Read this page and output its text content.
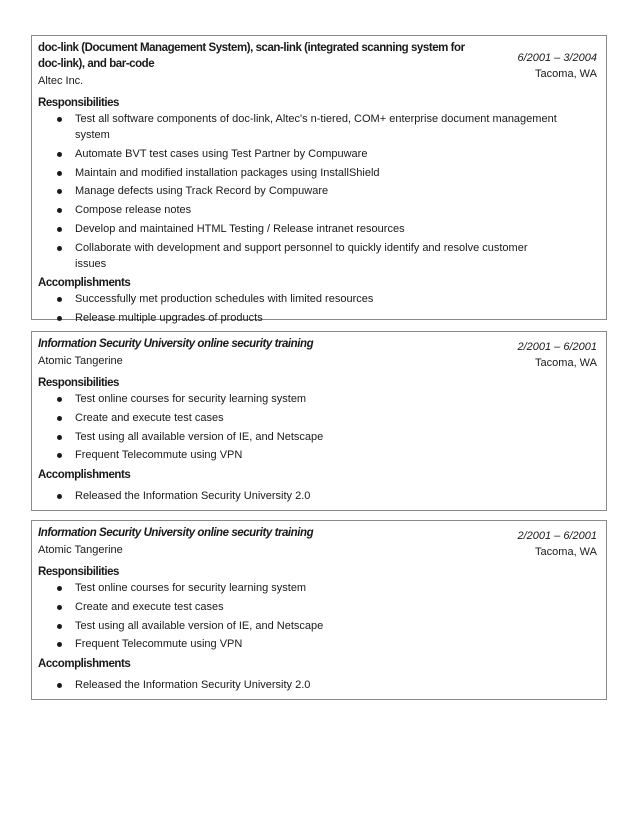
6/2001 – 3/2004
Tacoma, WA
doc-link (Document Management System), scan-link (integrated scanning system for doc-link), and bar-code
Altec Inc.
Responsibilities
Test all software components of doc-link, Altec's n-tiered, COM+ enterprise document management system
Automate BVT test cases using Test Partner by Compuware
Maintain and modified installation packages using InstallShield
Manage defects using Track Record by Compuware
Compose release notes
Develop and maintained HTML Testing / Release intranet resources
Collaborate with development and support personnel to quickly identify and resolve customer issues
Accomplishments
Successfully met production schedules with limited resources
Release multiple upgrades of products
2/2001 – 6/2001
Tacoma, WA
Information Security University online security training
Atomic Tangerine
Responsibilities
Test online courses for security learning system
Create and execute test cases
Test using all available version of IE, and Netscape
Frequent Telecommute using VPN
Accomplishments
Released the Information Security University 2.0
2/2001 – 6/2001
Tacoma, WA
Information Security University online security training
Atomic Tangerine
Responsibilities
Test online courses for security learning system
Create and execute test cases
Test using all available version of IE, and Netscape
Frequent Telecommute using VPN
Accomplishments
Released the Information Security University 2.0
